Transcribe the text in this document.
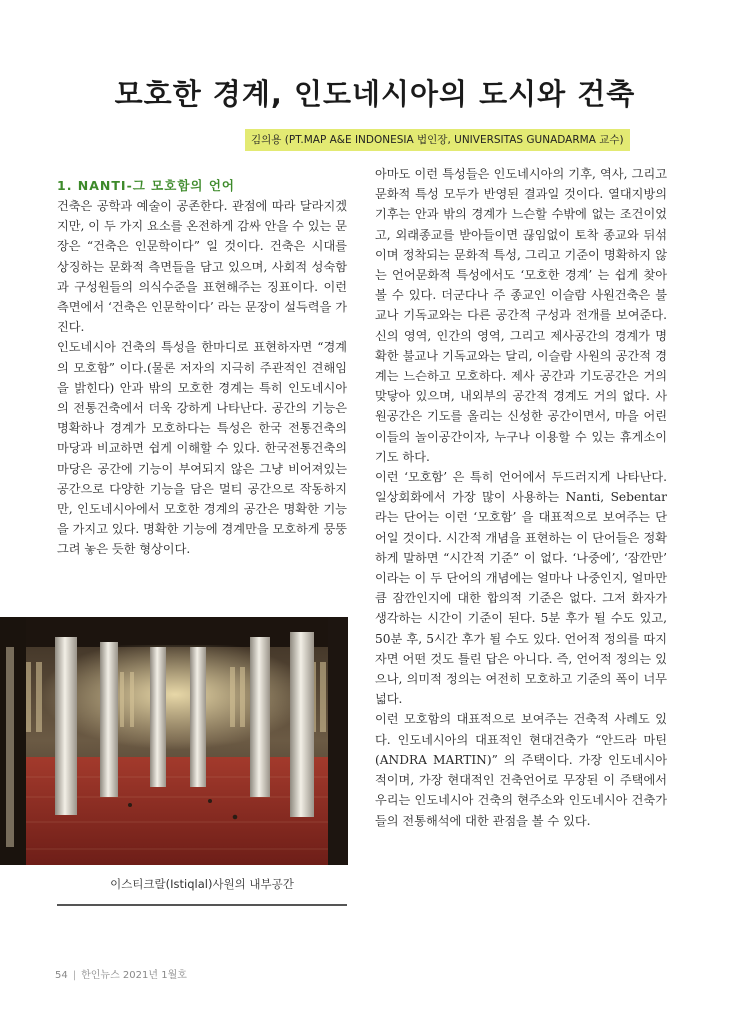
모호한 경계, 인도네시아의 도시와 건축
김의용 (PT.MAP A&E INDONESIA 법인장, UNIVERSITAS GUNADARMA 교수)
1. NANTI-그 모호함의 언어

건축은 공학과 예술이 공존한다. 관점에 따라 달라지겠지만, 이 두 가지 요소를 온전하게 감싸 안을 수 있는 문장은 “건축은 인문학이다” 일 것이다. 건축은 시대를 상징하는 문화적 측면들을 담고 있으며, 사회적 성숙함과 구성원들의 의식수준을 표현해주는 징표이다. 이런 측면에서 ‘건축은 인문학이다’ 라는 문장이 설득력을 가진다.

인도네시아 건축의 특성을 한마디로 표현하자면 “경계의 모호함” 이다.(물론 저자의 지극히 주관적인 견해임을 밝힌다) 안과 밖의 모호한 경계는 특히 인도네시아의 전통건축에서 더욱 강하게 나타난다. 공간의 기능은 명확하나 경계가 모호하다는 특성은 한국 전통건축의 마당과 비교하면 쉽게 이해할 수 있다. 한국전통건축의 마당은 공간에 기능이 부여되지 않은 그냥 비어져있는 공간으로 다양한 기능을 담은 멀티 공간으로 작동하지만, 인도네시아에서 모호한 경계의 공간은 명확한 기능을 가지고 있다. 명확한 기능에 경계만을 모호하게 뭉뚱그려 놓은 듯한 형상이다.

이스티크랄(Istiqlal)사원의 내부공간

아마도 이런 특성들은 인도네시아의 기후, 역사, 그리고 문화적 특성 모두가 반영된 결과일 것이다. 열대지방의 기후는 안과 밖의 경계가 느슨할 수밖에 없는 조건이었고, 외래종교를 받아들이면 끊임없이 토착 종교와 뒤섞이며 정착되는 문화적 특성, 그리고 기준이 명확하지 않는 언어문화적 특성에서도 ‘모호한 경계’ 는 쉽게 찾아볼 수 있다. 더군다나 주 종교인 이슬람 사원건축은 불교나 기독교와는 다른 공간적 구성과 전개를 보여준다. 신의 영역, 인간의 영역, 그리고 제사공간의 경계가 명확한 불교나 기독교와는 달리, 이슬람 사원의 공간적 경계는 느슨하고 모호하다. 제사 공간과 기도공간은 거의 맞닿아 있으며, 내외부의 공간적 경계도 거의 없다. 사원공간은 기도를 올리는 신성한 공간이면서, 마을 어린이들의 놀이공간이자, 누구나 이용할 수 있는 휴게소이기도 하다.

이런 ‘모호함’ 은 특히 언어에서 두드러지게 나타난다. 일상회화에서 가장 많이 사용하는 Nanti, Sebentar 라는 단어는 이런 ‘모호함’ 을 대표적으로 보여주는 단어일 것이다. 시간적 개념을 표현하는 이 단어들은 정확하게 말하면 “시간적 기준” 이 없다. ‘나중에’, ‘잠깐만’ 이라는 이 두 단어의 개념에는 얼마나 나중인지, 얼마만큼 잠깐인지에 대한 합의적 기준은 없다. 그저 화자가 생각하는 시간이 기준이 된다. 5분 후가 될 수도 있고, 50분 후, 5시간 후가 될 수도 있다. 언어적 정의를 따지자면 어떤 것도 틀린 답은 아니다. 즉, 언어적 정의는 있으나, 의미적 정의는 여전히 모호하고 기준의 폭이 너무 넓다.

이런 모호함의 대표적으로 보여주는 건축적 사례도 있다. 인도네시아의 대표적인 현대건축가 “안드라 마틴(ANDRA MARTIN)” 의 주택이다. 가장 인도네시아적이며, 가장 현대적인 건축언어로 무장된 이 주택에서 우리는 인도네시아 건축의 현주소와 인도네시아 건축가들의 전통해석에 대한 관점을 볼 수 있다.

54 | 한인뉴스 2021년 1월호
